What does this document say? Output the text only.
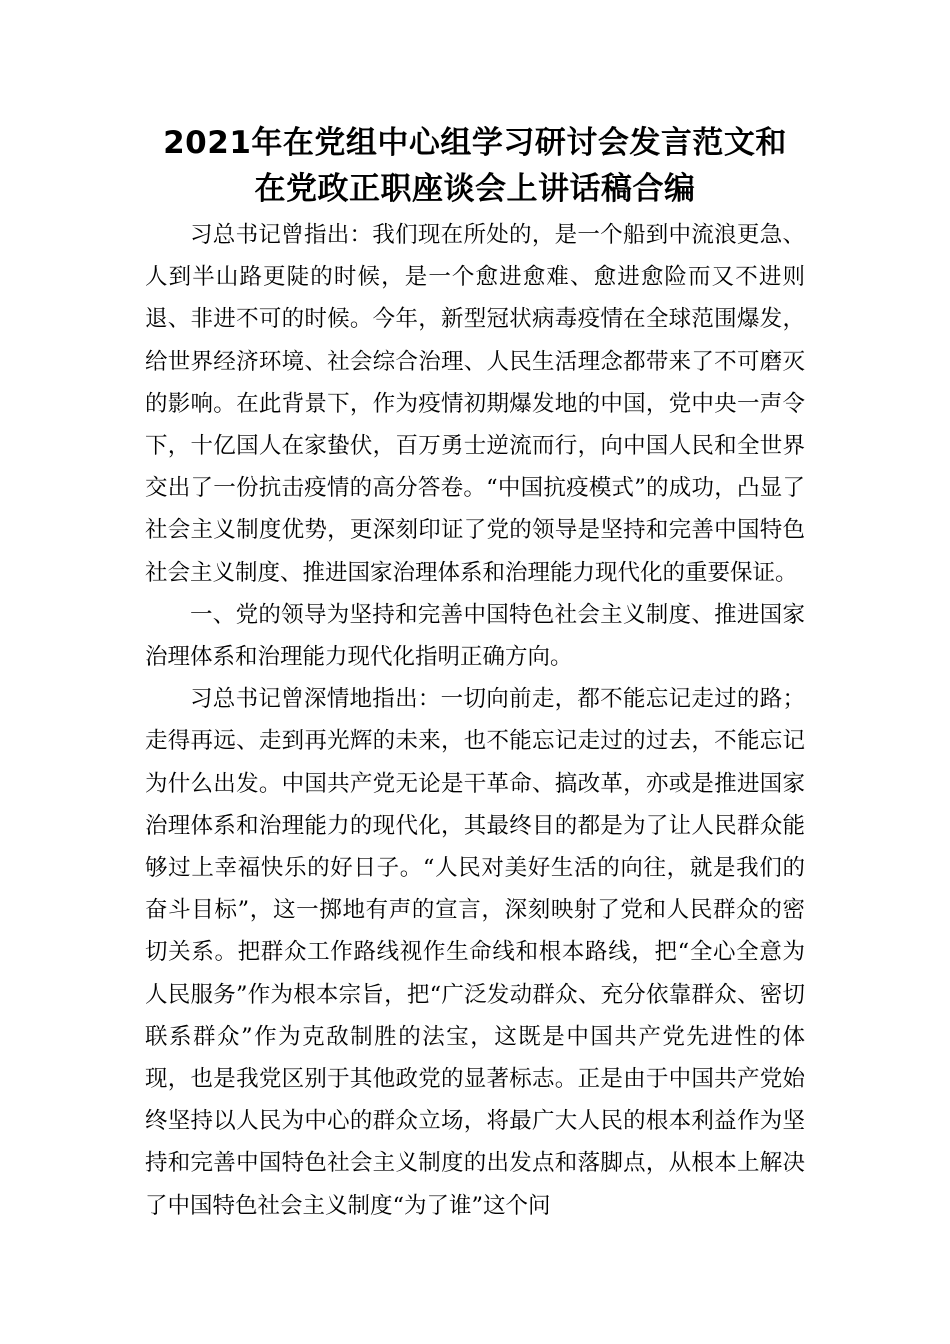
2021年在党组中心组学习研讨会发言范文和
在党政正职座谈会上讲话稿合编

习总书记曾指出：我们现在所处的，是一个船到中流浪更急、人到半山路更陡的时候，是一个愈进愈难、愈进愈险而又不进则退、非进不可的时候。今年，新型冠状病毒疫情在全球范围爆发，给世界经济环境、社会综合治理、人民生活理念都带来了不可磨灭的影响。在此背景下，作为疫情初期爆发地的中国，党中央一声令下，十亿国人在家蛰伏，百万勇士逆流而行，向中国人民和全世界交出了一份抗击疫情的高分答卷。“中国抗疫模式”的成功，凸显了社会主义制度优势，更深刻印证了党的领导是坚持和完善中国特色社会主义制度、推进国家治理体系和治理能力现代化的重要保证。

一、党的领导为坚持和完善中国特色社会主义制度、推进国家治理体系和治理能力现代化指明正确方向。

习总书记曾深情地指出：一切向前走，都不能忘记走过的路；走得再远、走到再光辉的未来，也不能忘记走过的过去，不能忘记为什么出发。中国共产党无论是干革命、搞改革，亦或是推进国家治理体系和治理能力的现代化，其最终目的都是为了让人民群众能够过上幸福快乐的好日子。“人民对美好生活的向往，就是我们的奋斗目标”，这一掷地有声的宣言，深刻映射了党和人民群众的密切关系。把群众工作路线视作生命线和根本路线，把“全心全意为人民服务”作为根本宗旨，把“广泛发动群众、充分依靠群众、密切联系群众”作为克敌制胜的法宝，这既是中国共产党先进性的体现，也是我党区别于其他政党的显著标志。正是由于中国共产党始终坚持以人民为中心的群众立场，将最广大人民的根本利益作为坚持和完善中国特色社会主义制度的出发点和落脚点，从根本上解决了中国特色社会主义制度“为了谁”这个问
